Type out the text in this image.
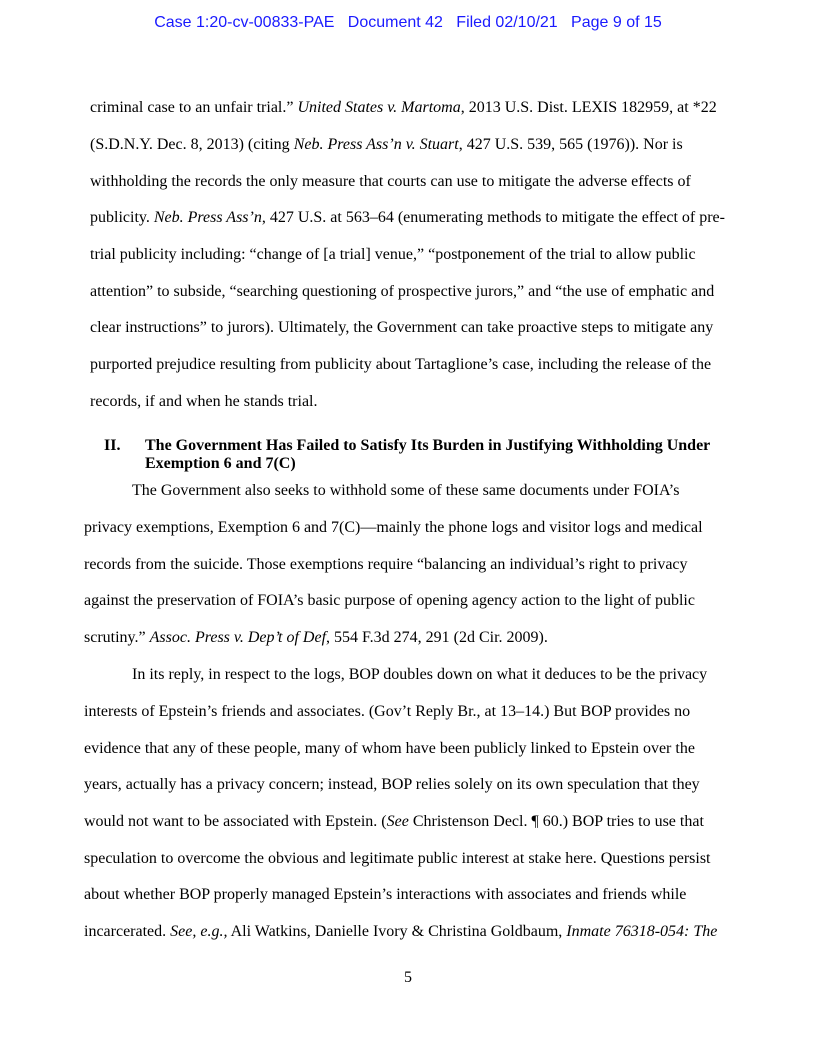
Case 1:20-cv-00833-PAE Document 42 Filed 02/10/21 Page 9 of 15
criminal case to an unfair trial.” United States v. Martoma, 2013 U.S. Dist. LEXIS 182959, at *22
(S.D.N.Y. Dec. 8, 2013) (citing Neb. Press Ass’n v. Stuart, 427 U.S. 539, 565 (1976)). Nor is
withholding the records the only measure that courts can use to mitigate the adverse effects of
publicity. Neb. Press Ass’n, 427 U.S. at 563–64 (enumerating methods to mitigate the effect of pre-
trial publicity including: “change of [a trial] venue,” “postponement of the trial to allow public
attention” to subside, “searching questioning of prospective jurors,” and “the use of emphatic and
clear instructions” to jurors). Ultimately, the Government can take proactive steps to mitigate any
purported prejudice resulting from publicity about Tartaglione’s case, including the release of the
records, if and when he stands trial.
II. The Government Has Failed to Satisfy Its Burden in Justifying Withholding Under
Exemption 6 and 7(C)
The Government also seeks to withhold some of these same documents under FOIA’s
privacy exemptions, Exemption 6 and 7(C)—mainly the phone logs and visitor logs and medical
records from the suicide. Those exemptions require “balancing an individual’s right to privacy
against the preservation of FOIA’s basic purpose of opening agency action to the light of public
scrutiny.” Assoc. Press v. Dep’t of Def, 554 F.3d 274, 291 (2d Cir. 2009).
In its reply, in respect to the logs, BOP doubles down on what it deduces to be the privacy
interests of Epstein’s friends and associates. (Gov’t Reply Br., at 13–14.) But BOP provides no
evidence that any of these people, many of whom have been publicly linked to Epstein over the
years, actually has a privacy concern; instead, BOP relies solely on its own speculation that they
would not want to be associated with Epstein. (See Christenson Decl. ¶ 60.) BOP tries to use that
speculation to overcome the obvious and legitimate public interest at stake here. Questions persist
about whether BOP properly managed Epstein’s interactions with associates and friends while
incarcerated. See, e.g., Ali Watkins, Danielle Ivory & Christina Goldbaum, Inmate 76318-054: The
5
